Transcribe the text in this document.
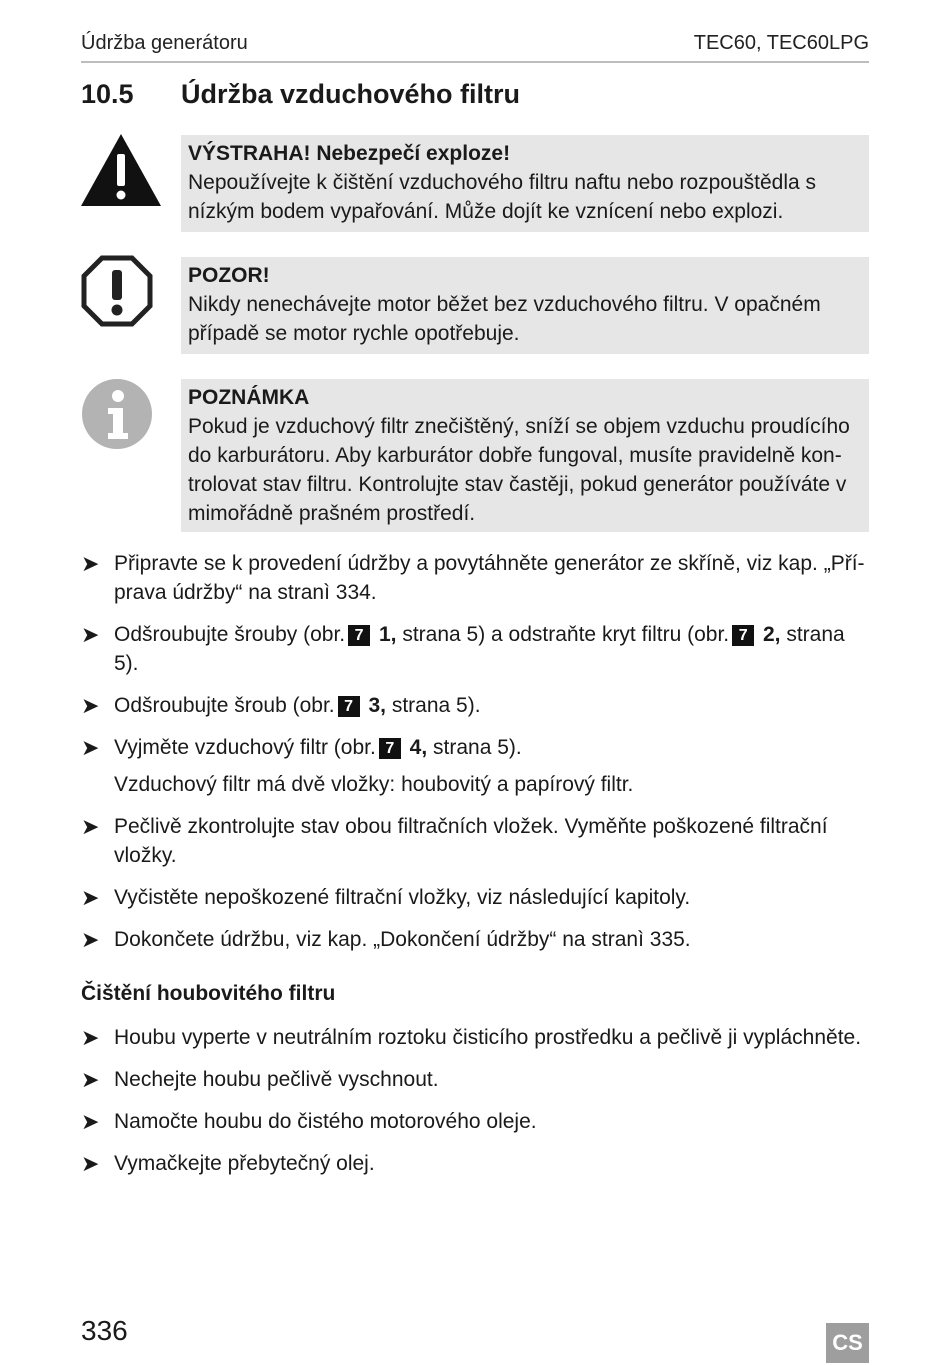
Údržba generátoru	TEC60, TEC60LPG
10.5 Údržba vzduchového filtru
VÝSTRAHA! Nebezpečí exploze!
Nepoužívejte k čištění vzduchového filtru naftu nebo rozpouštědla s nízkým bodem vypařování. Může dojít ke vznícení nebo explozi.
POZOR!
Nikdy nenechávejte motor běžet bez vzduchového filtru. V opačném případě se motor rychle opotřebuje.
POZNÁMKA
Pokud je vzduchový filtr znečištěný, sníží se objem vzduchu proudícího do karburátoru. Aby karburátor dobře fungoval, musíte pravidelně kontrolovat stav filtru. Kontrolujte stav častěji, pokud generátor používáte v mimořádně prašném prostředí.
➤ Připravte se k provedení údržby a povytáhněte generátor ze skříně, viz kap. „Příprava údržby“ na stranì 334.
➤ Odšroubujte šrouby (obr. 7 1, strana 5) a odstraňte kryt filtru (obr. 7 2, strana 5).
➤ Odšroubujte šroub (obr. 7 3, strana 5).
➤ Vyjměte vzduchový filtr (obr. 7 4, strana 5).
Vzduchový filtr má dvě vložky: houbovitý a papírový filtr.
➤ Pečlivě zkontrolujte stav obou filtračních vložek. Vyměňte poškozené filtrační vložky.
➤ Vyčistěte nepoškozené filtrační vložky, viz následující kapitoly.
➤ Dokončete údržbu, viz kap. „Dokončení údržby“ na stranì 335.
Čištění houbovitého filtru
➤ Houbu vyperte v neutrálním roztoku čisticího prostředku a pečlivě ji vypláchněte.
➤ Nechejte houbu pečlivě vyschnout.
➤ Namočte houbu do čistého motorového oleje.
➤ Vymačkejte přebytečný olej.
336	CS
